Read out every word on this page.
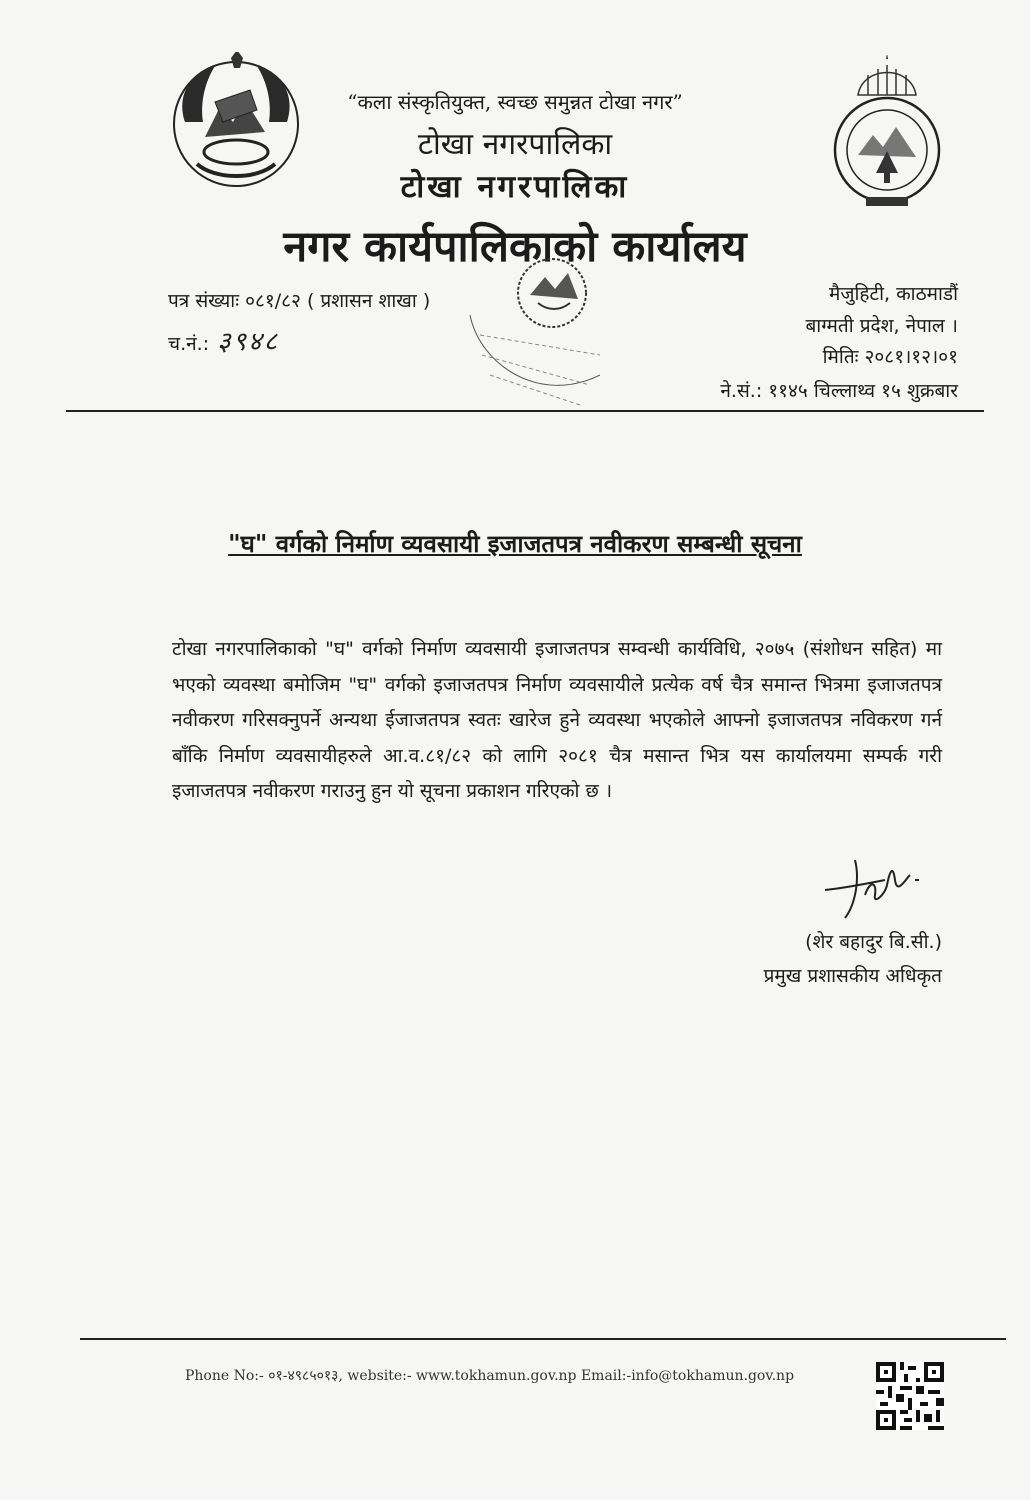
“कला संस्कृतियुक्त, स्वच्छ समुन्नत टोखा नगर”
टोखा नगरपालिका
टोखा नगरपालिका
नगर कार्यपालिकाको कार्यालय
पत्र संख्याः ०८१/८२ ( प्रशासन शाखा )
च.नं.: ३९४८
मैजुहिटी, काठमाडौं
बाग्मती प्रदेश, नेपाल ।
मितिः २०८१।१२।०१
ने.सं.: ११४५ चिल्लाथ्व १५ शुक्रबार
"घ" वर्गको निर्माण व्यवसायी इजाजतपत्र नवीकरण सम्बन्धी सूचना
टोखा नगरपालिकाको "घ" वर्गको निर्माण व्यवसायी इजाजतपत्र सम्वन्धी कार्यविधि, २०७५ (संशोधन सहित) मा भएको व्यवस्था बमोजिम "घ" वर्गको इजाजतपत्र निर्माण व्यवसायीले प्रत्येक वर्ष चैत्र समान्त भित्रमा इजाजतपत्र नवीकरण गरिसक्नुपर्ने अन्यथा ईजाजतपत्र स्वतः खारेज हुने व्यवस्था भएकोले आफ्नो इजाजतपत्र नविकरण गर्न बाँकि निर्माण व्यवसायीहरुले आ.व.८१/८२ को लागि २०८१ चैत्र मसान्त भित्र यस कार्यालयमा सम्पर्क गरी इजाजतपत्र नवीकरण गराउनु हुन यो सूचना प्रकाशन गरिएको छ ।
(शेर बहादुर बि.सी.)
प्रमुख प्रशासकीय अधिकृत
Phone No:- ०१-४९८५०१३, website:- www.tokhamun.gov.np Email:-info@tokhamun.gov.np
